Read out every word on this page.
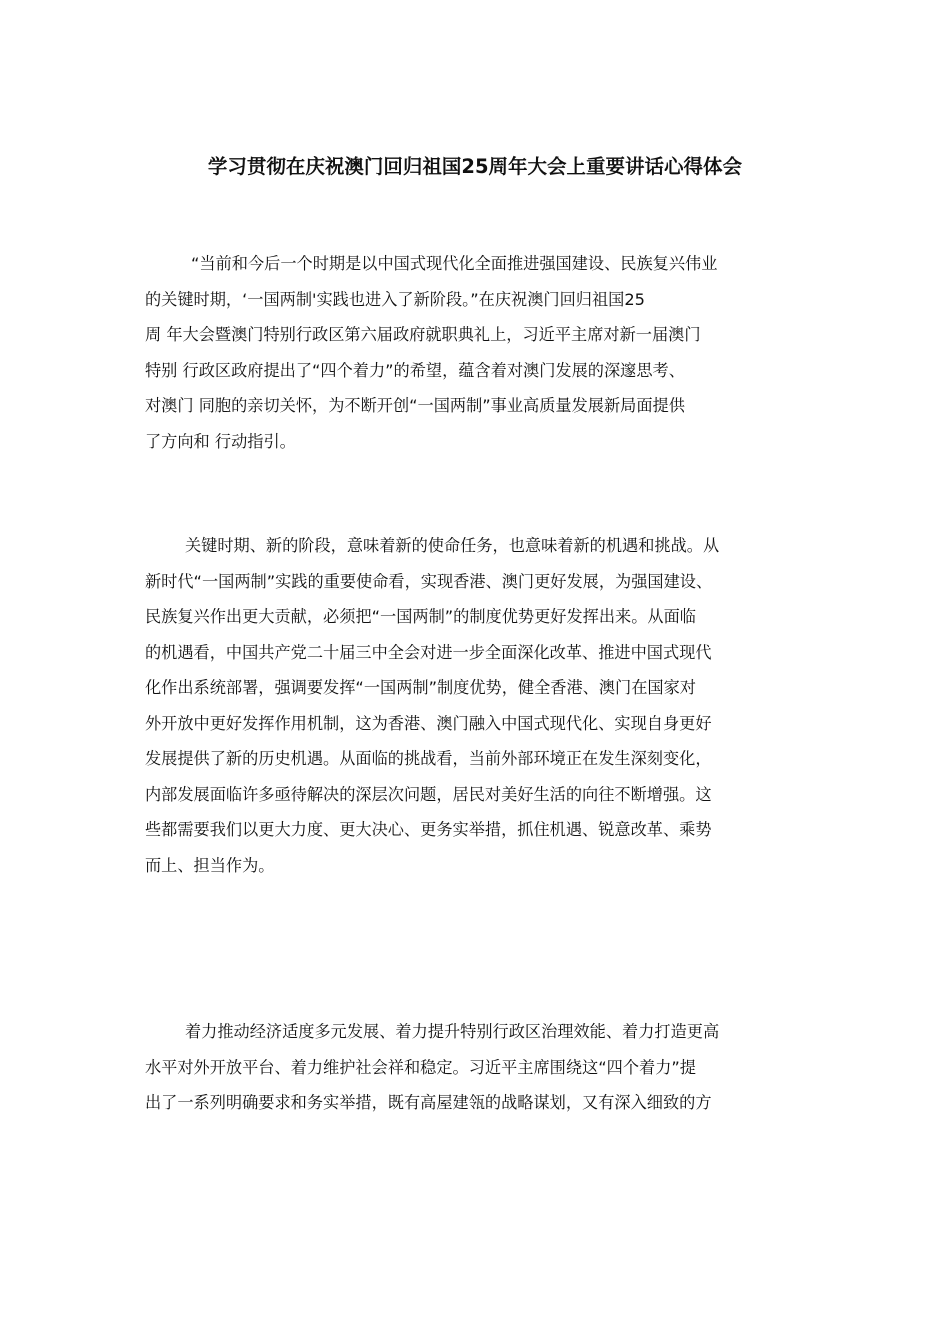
学习贯彻在庆祝澳门回归祖国25周年大会上重要讲话心得体会
“当前和今后一个时期是以中国式现代化全面推进强国建设、民族复兴伟业
的关键时期，‘一国两制'实践也进入了新阶段。”在庆祝澳门回归祖国25
周 年大会暨澳门特别行政区第六届政府就职典礼上，习近平主席对新一届澳门
特别 行政区政府提出了“四个着力”的希望，蕴含着对澳门发展的深邃思考、
对澳门 同胞的亲切关怀，为不断开创“一国两制”事业高质量发展新局面提供
了方向和 行动指引。
关键时期、新的阶段，意味着新的使命任务，也意味着新的机遇和挑战。从
新时代“一国两制”实践的重要使命看，实现香港、澳门更好发展，为强国建设、
民族复兴作出更大贡献，必须把“一国两制”的制度优势更好发挥出来。从面临
的机遇看，中国共产党二十届三中全会对进一步全面深化改革、推进中国式现代
化作出系统部署，强调要发挥“一国两制”制度优势，健全香港、澳门在国家对
外开放中更好发挥作用机制，这为香港、澳门融入中国式现代化、实现自身更好
发展提供了新的历史机遇。从面临的挑战看，当前外部环境正在发生深刻变化，
内部发展面临许多亟待解决的深层次问题，居民对美好生活的向往不断增强。这
些都需要我们以更大力度、更大决心、更务实举措，抓住机遇、锐意改革、乘势
而上、担当作为。
着力推动经济适度多元发展、着力提升特别行政区治理效能、着力打造更高
水平对外开放平台、着力维护社会祥和稳定。习近平主席围绕这“四个着力”提
出了一系列明确要求和务实举措，既有高屋建瓴的战略谋划，又有深入细致的方
